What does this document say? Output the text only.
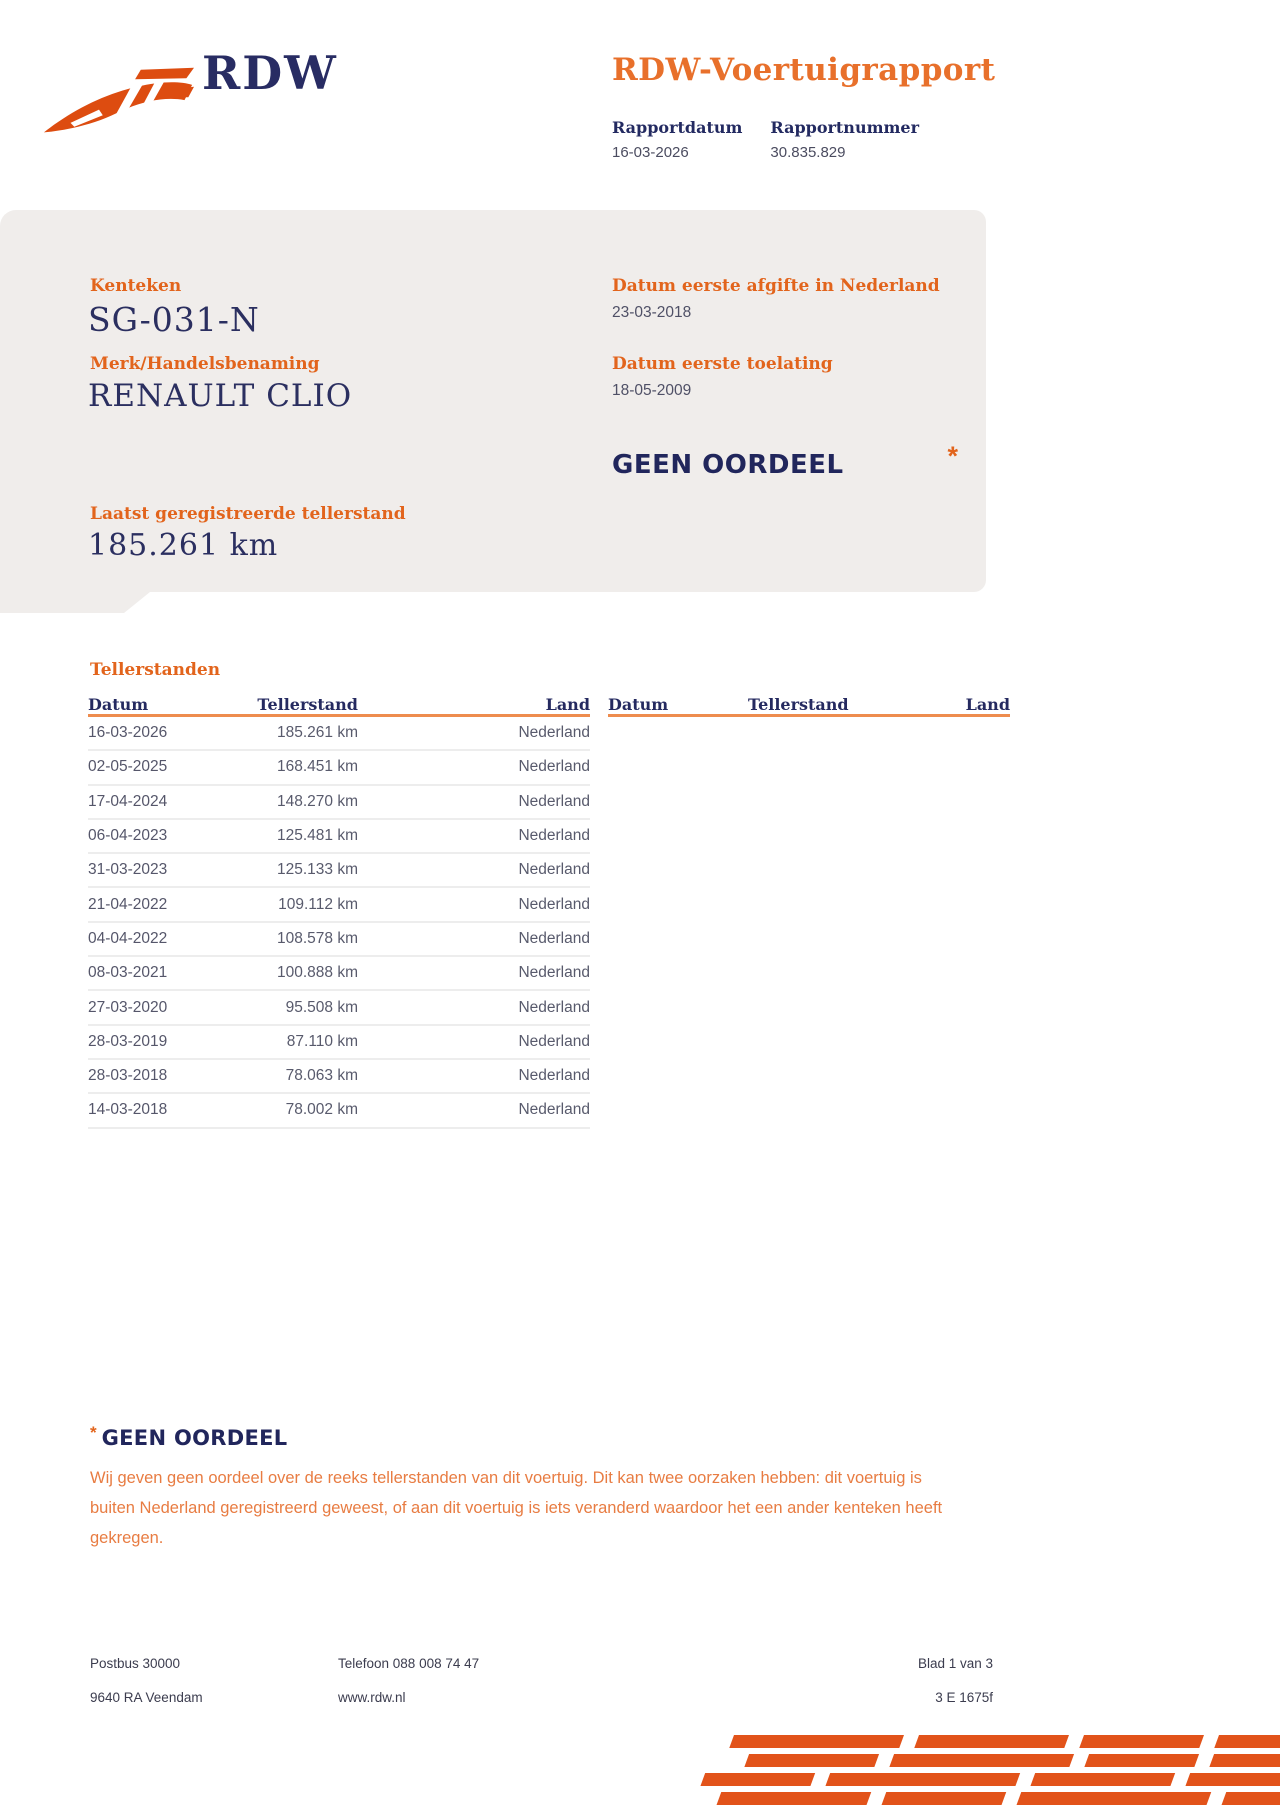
RDW	RDW-Voertuigrapport
Rapportdatum
16-03-2026
Rapportnummer
30.835.829
Kenteken
SG-031-N
Merk/Handelsbenaming
RENAULT CLIO
Datum eerste afgifte in Nederland
23-03-2018
Datum eerste toelating
18-05-2009
GEEN OORDEEL	*
Laatst geregistreerde tellerstand
185.261 km
Tellerstanden
Datum	Tellerstand	Land
16-03-2026	185.261 km	Nederland
02-05-2025	168.451 km	Nederland
17-04-2024	148.270 km	Nederland
06-04-2023	125.481 km	Nederland
31-03-2023	125.133 km	Nederland
21-04-2022	109.112 km	Nederland
04-04-2022	108.578 km	Nederland
08-03-2021	100.888 km	Nederland
27-03-2020	95.508 km	Nederland
28-03-2019	87.110 km	Nederland
28-03-2018	78.063 km	Nederland
14-03-2018	78.002 km	Nederland
Datum	Tellerstand	Land
* GEEN OORDEEL

Wij geven geen oordeel over de reeks tellerstanden van dit voertuig. Dit kan twee oorzaken hebben: dit voertuig is buiten Nederland geregistreerd geweest, of aan dit voertuig is iets veranderd waardoor het een ander kenteken heeft gekregen.

Postbus 30000	Telefoon 088 008 74 47	Blad 1 van 3
9640 RA Veendam	www.rdw.nl	3 E 1675f
